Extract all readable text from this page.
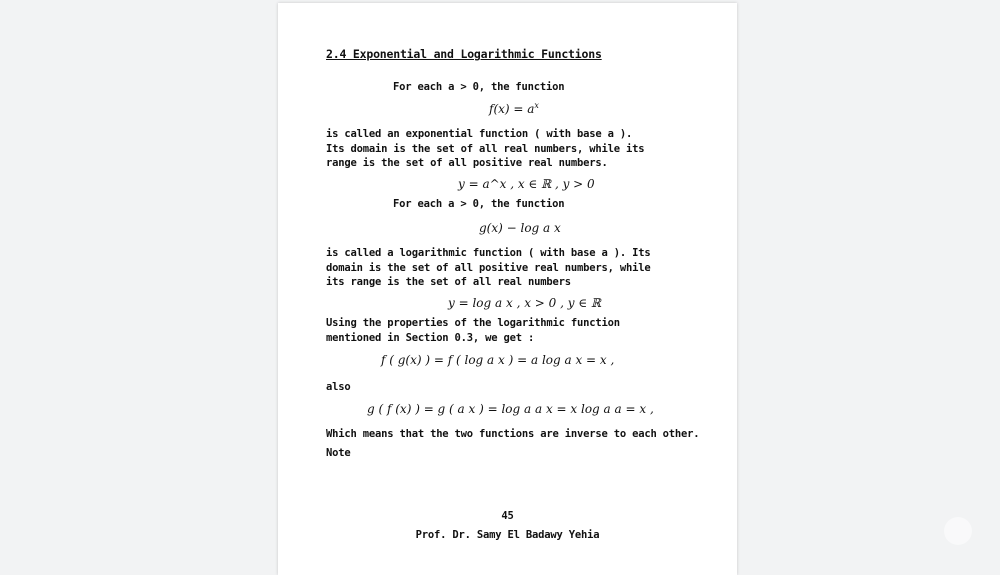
2.4 Exponential and Logarithmic Functions
For each a > 0, the function
$f(x) = a^x$
is called an exponential function ( with base a ). Its domain is the set of all real numbers, while its range is the set of all positive real numbers.
y = a^x , x ∈ ℝ , y > 0
For each a > 0, the function
g(x) − log a x
is called a logarithmic function ( with base a ). Its domain is the set of all positive real numbers, while its range is the set of all real numbers
y = log a x , x > 0 , y ∈ ℝ
Using the properties of the logarithmic function mentioned in Section 0.3, we get :
f ( g(x) ) = f ( log a x ) = a log a x = x ,
also
g ( f (x) ) = g ( a x ) = log a a x = x log a a = x ,
Which means that the two functions are inverse to each other.
Note
45
Prof. Dr. Samy El Badawy Yehia
